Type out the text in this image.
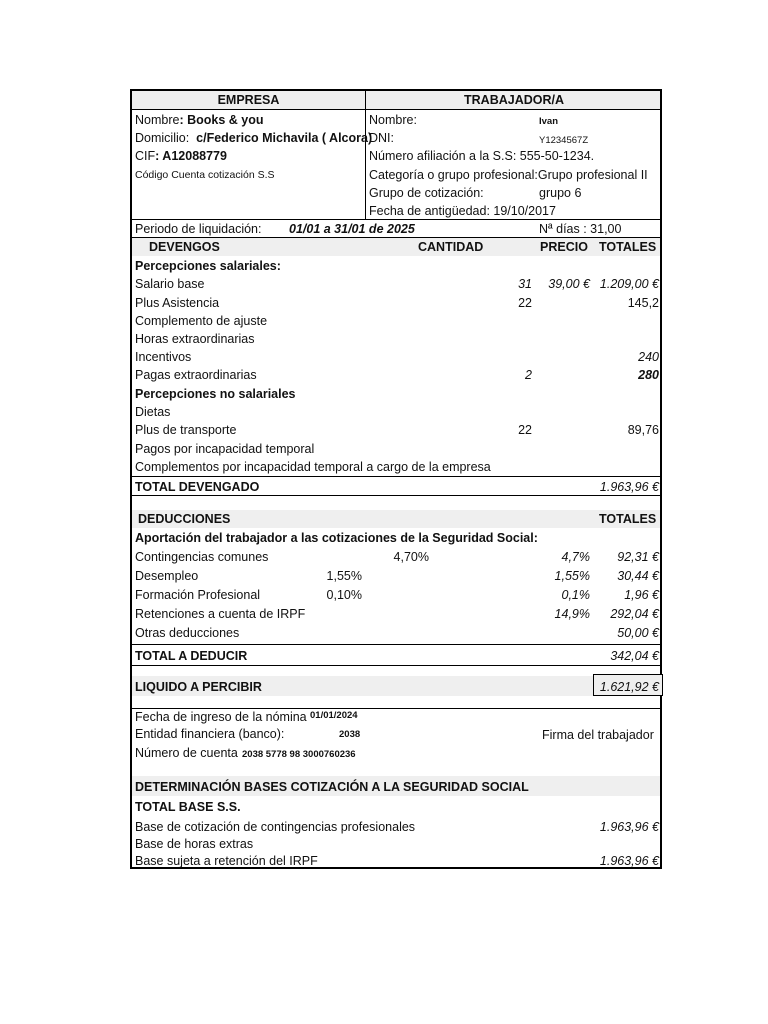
EMPRESA	TRABAJADOR/A
Nombre: Books & you
Domicilio: c/Federico Michavila ( Alcora)
CIF: A12088779
Código Cuenta cotización S.S
Nombre:	Ivan
DNI:	Y1234567Z
Número afiliación a la S.S: 555-50-1234.
Categoría o grupo profesional:Grupo profesional II
Grupo de cotización:	grupo 6
Fecha de antigüedad: 19/10/2017
Periodo de liquidación: 01/01 a 31/01 de 2025	Nª días : 31,00
DEVENGOS	CANTIDAD	PRECIO TOTALES
Percepciones salariales:
Salario base	31	39,00 € 1.209,00 €
Plus Asistencia	22	145,2
Complemento de ajuste
Horas extraordinarias
Incentivos	240
Pagas extraordinarias	2	280
Percepciones no salariales
Dietas
Plus de transporte	22	89,76
Pagos por incapacidad temporal
Complementos por incapacidad temporal a cargo de la empresa
TOTAL DEVENGADO	1.963,96 €
DEDUCCIONES	TOTALES
Aportación del trabajador a las cotizaciones de la Seguridad Social:
Contingencias comunes	4,70%	4,7%	92,31 €
Desempleo	1,55%	1,55%	30,44 €
Formación Profesional	0,10%	0,1%	1,96 €
Retenciones a cuenta de IRPF	14,9%	292,04 €
Otras deducciones	50,00 €
TOTAL A DEDUCIR	342,04 €
LIQUIDO A PERCIBIR	1.621,92 €
Fecha de ingreso de la nómina 01/01/2024
Entidad financiera (banco):	2038	Firma del trabajador
Número de cuenta 2038 5778 98 3000760236
DETERMINACIÓN BASES COTIZACIÓN A LA SEGURIDAD SOCIAL
TOTAL BASE S.S.
Base de cotización de contingencias profesionales	1.963,96 €
Base de horas extras
Base sujeta a retención del IRPF	1.963,96 €
